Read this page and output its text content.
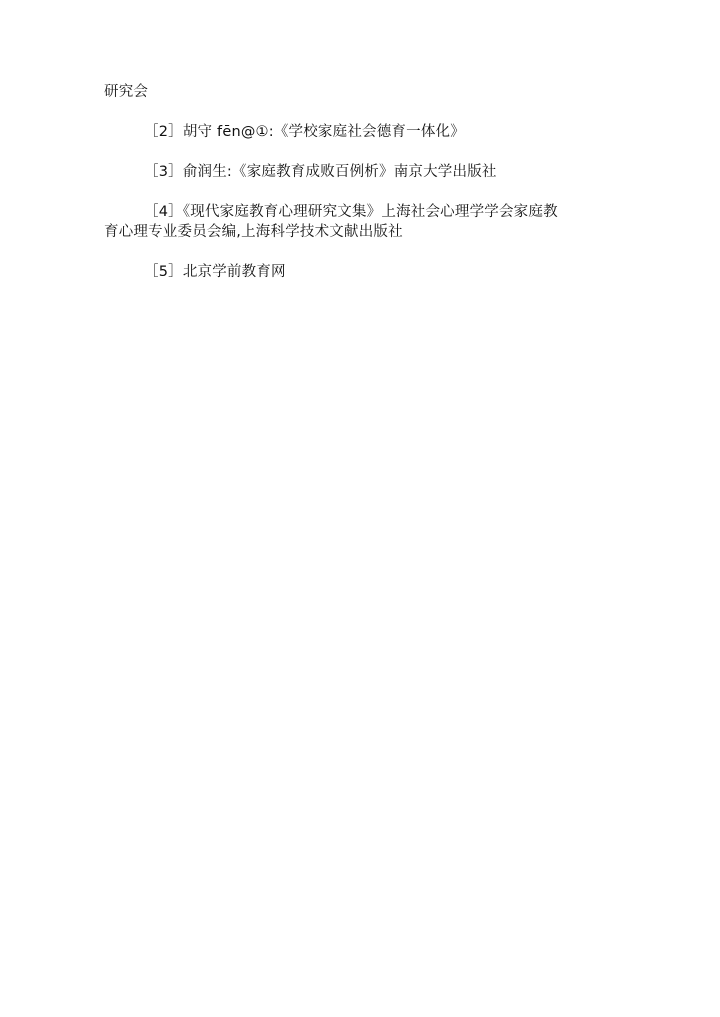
研究会
［2］胡守 fēn@①:《学校家庭社会德育一体化》
［3］俞润生:《家庭教育成败百例析》南京大学出版社
［4］《现代家庭教育心理研究文集》上海社会心理学学会家庭教
育心理专业委员会编,上海科学技术文献出版社
［5］北京学前教育网
